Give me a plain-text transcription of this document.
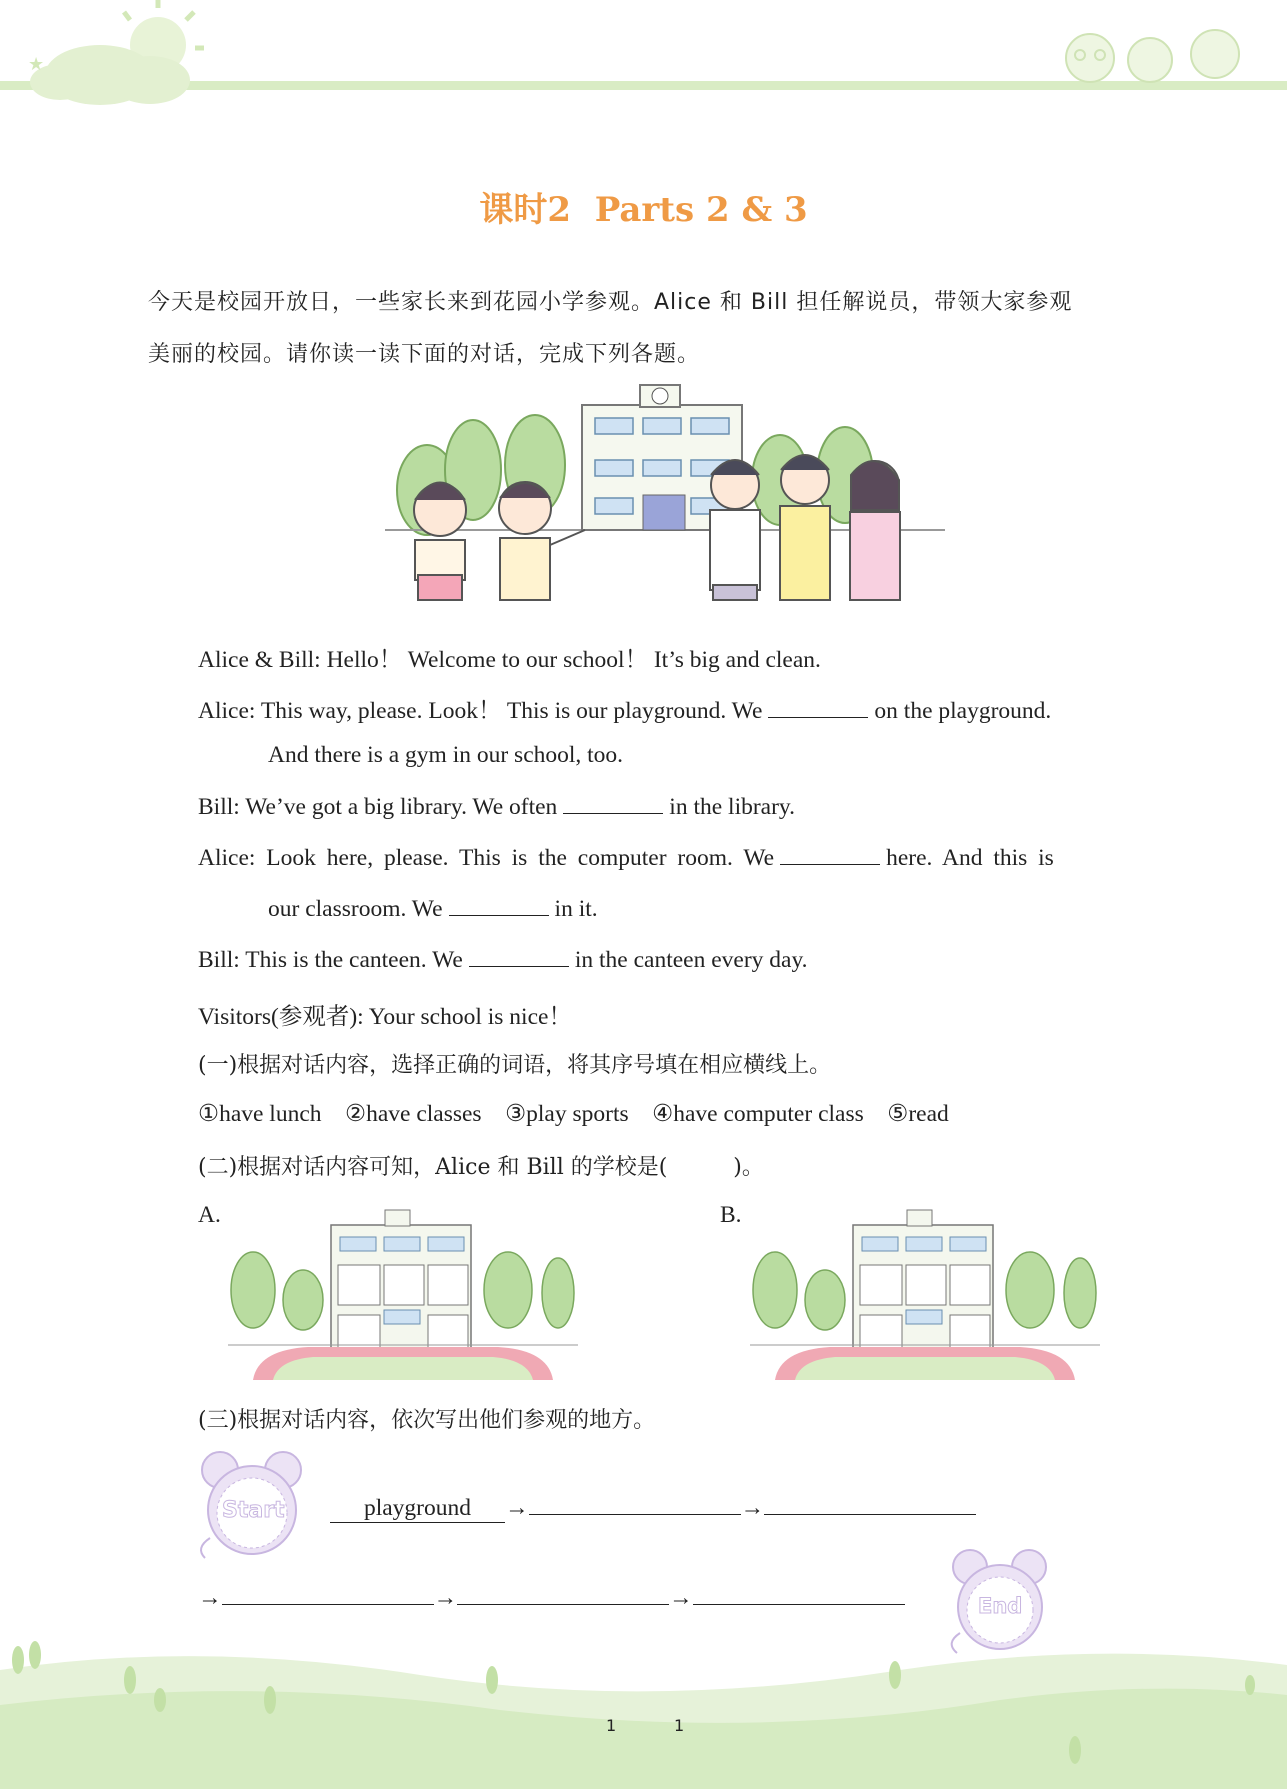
★
课时2 Parts 2 & 3
今天是校园开放日，一些家长来到花园小学参观。Alice 和 Bill 担任解说员，带领大家参观
美丽的校园。请你读一读下面的对话，完成下列各题。
Alice & Bill: Hello！ Welcome to our school！ It’s big and clean.
Alice: This way, please. Look！ This is our playground. We	on the playground.
And there is a gym in our school, too.
Bill: We’ve got a big library. We often	in the library.
Alice: Look here, please. This is the computer room. We	here. And this is
our classroom. We	in it.
Bill: This is the canteen. We	in the canteen every day.
Visitors(参观者): Your school is nice！
(一)根据对话内容，选择正确的词语，将其序号填在相应横线上。
①have lunch ②have classes ③play sports ④have computer class ⑤read
(二)根据对话内容可知，Alice 和 Bill 的学校是(　　　)。
A.	B.
(三)根据对话内容，依次写出他们参观的地方。
Start	playground →	→
→	→	→	End
1	1
